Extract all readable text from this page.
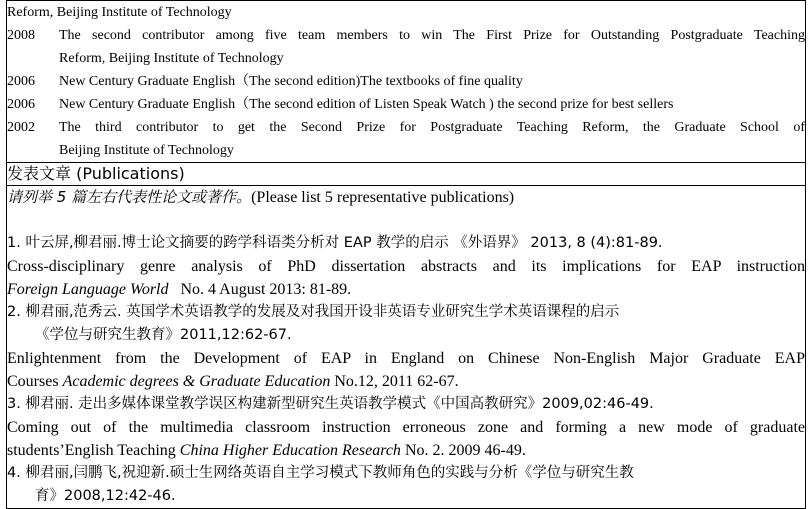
Reform, Beijing Institute of Technology
2008	The second contributor among five team members to win The First Prize for Outstanding Postgraduate Teaching
Reform, Beijing Institute of Technology
2006	New Century Graduate English（The second edition)The textbooks of fine quality
2006	New Century Graduate English（The second edition of Listen Speak Watch ) the second prize for best sellers
2002	The third contributor to get the Second Prize for Postgraduate Teaching Reform, the Graduate School of
Beijing Institute of Technology

发表文章 (Publications)

请列举 5 篇左右代表性论文或著作。(Please list 5 representative publications)
1. 叶云屏,柳君丽.博士论文摘要的跨学科语类分析对 EAP 教学的启示 《外语界》 2013, 8 (4):81-89.
Cross-disciplinary genre analysis of PhD dissertation abstracts and its implications for EAP instruction
Foreign Language World   No. 4 August 2013: 81-89.
2. 柳君丽,范秀云. 英国学术英语教学的发展及对我国开设非英语专业研究生学术英语课程的启示
《学位与研究生教育》2011,12:62-67.
Enlightenment from the Development of EAP in England on Chinese Non-English Major Graduate EAP
Courses Academic degrees & Graduate Education No.12, 2011 62-67.
3. 柳君丽. 走出多媒体课堂教学误区构建新型研究生英语教学模式《中国高教研究》2009,02:46-49.
Coming out of the multimedia classroom instruction erroneous zone and forming a new mode of graduate
students’English Teaching China Higher Education Research No. 2. 2009 46-49.
4. 柳君丽,闫鹏飞,祝迎新.硕士生网络英语自主学习模式下教师角色的实践与分析《学位与研究生教
育》2008,12:42-46.
